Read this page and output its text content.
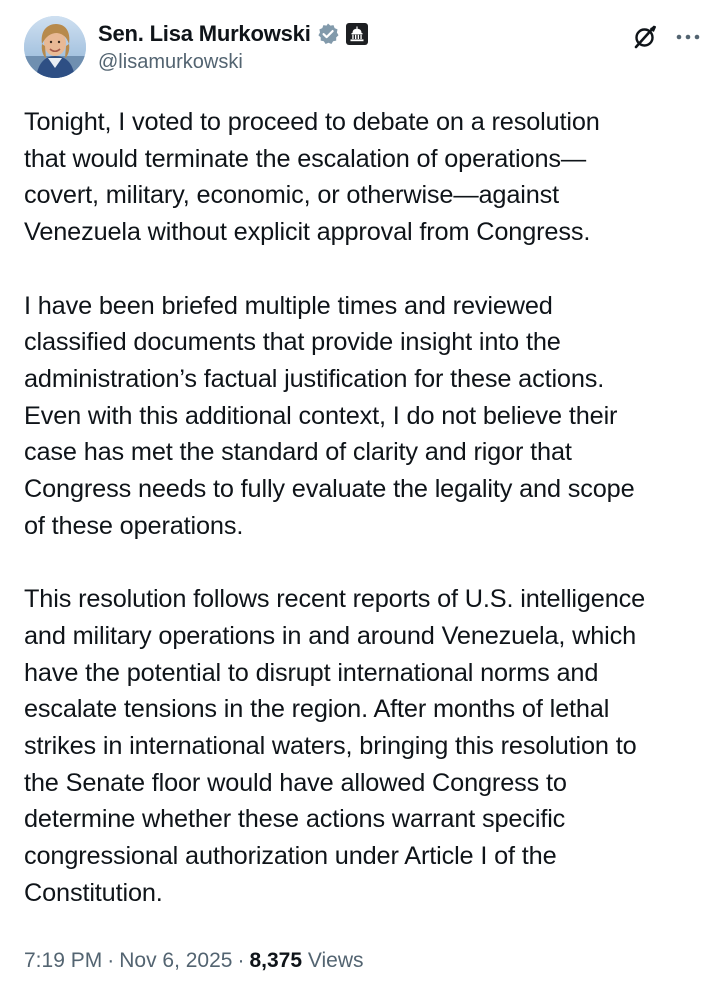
Sen. Lisa Murkowski
@lisamurkowski

Tonight, I voted to proceed to debate on a resolution
that would terminate the escalation of operations—
covert, military, economic, or otherwise—against
Venezuela without explicit approval from Congress.

I have been briefed multiple times and reviewed
classified documents that provide insight into the
administration’s factual justification for these actions.
Even with this additional context, I do not believe their
case has met the standard of clarity and rigor that
Congress needs to fully evaluate the legality and scope
of these operations.

This resolution follows recent reports of U.S. intelligence
and military operations in and around Venezuela, which
have the potential to disrupt international norms and
escalate tensions in the region. After months of lethal
strikes in international waters, bringing this resolution to
the Senate floor would have allowed Congress to
determine whether these actions warrant specific
congressional authorization under Article I of the
Constitution.

7:19 PM · Nov 6, 2025 · 8,375 Views
